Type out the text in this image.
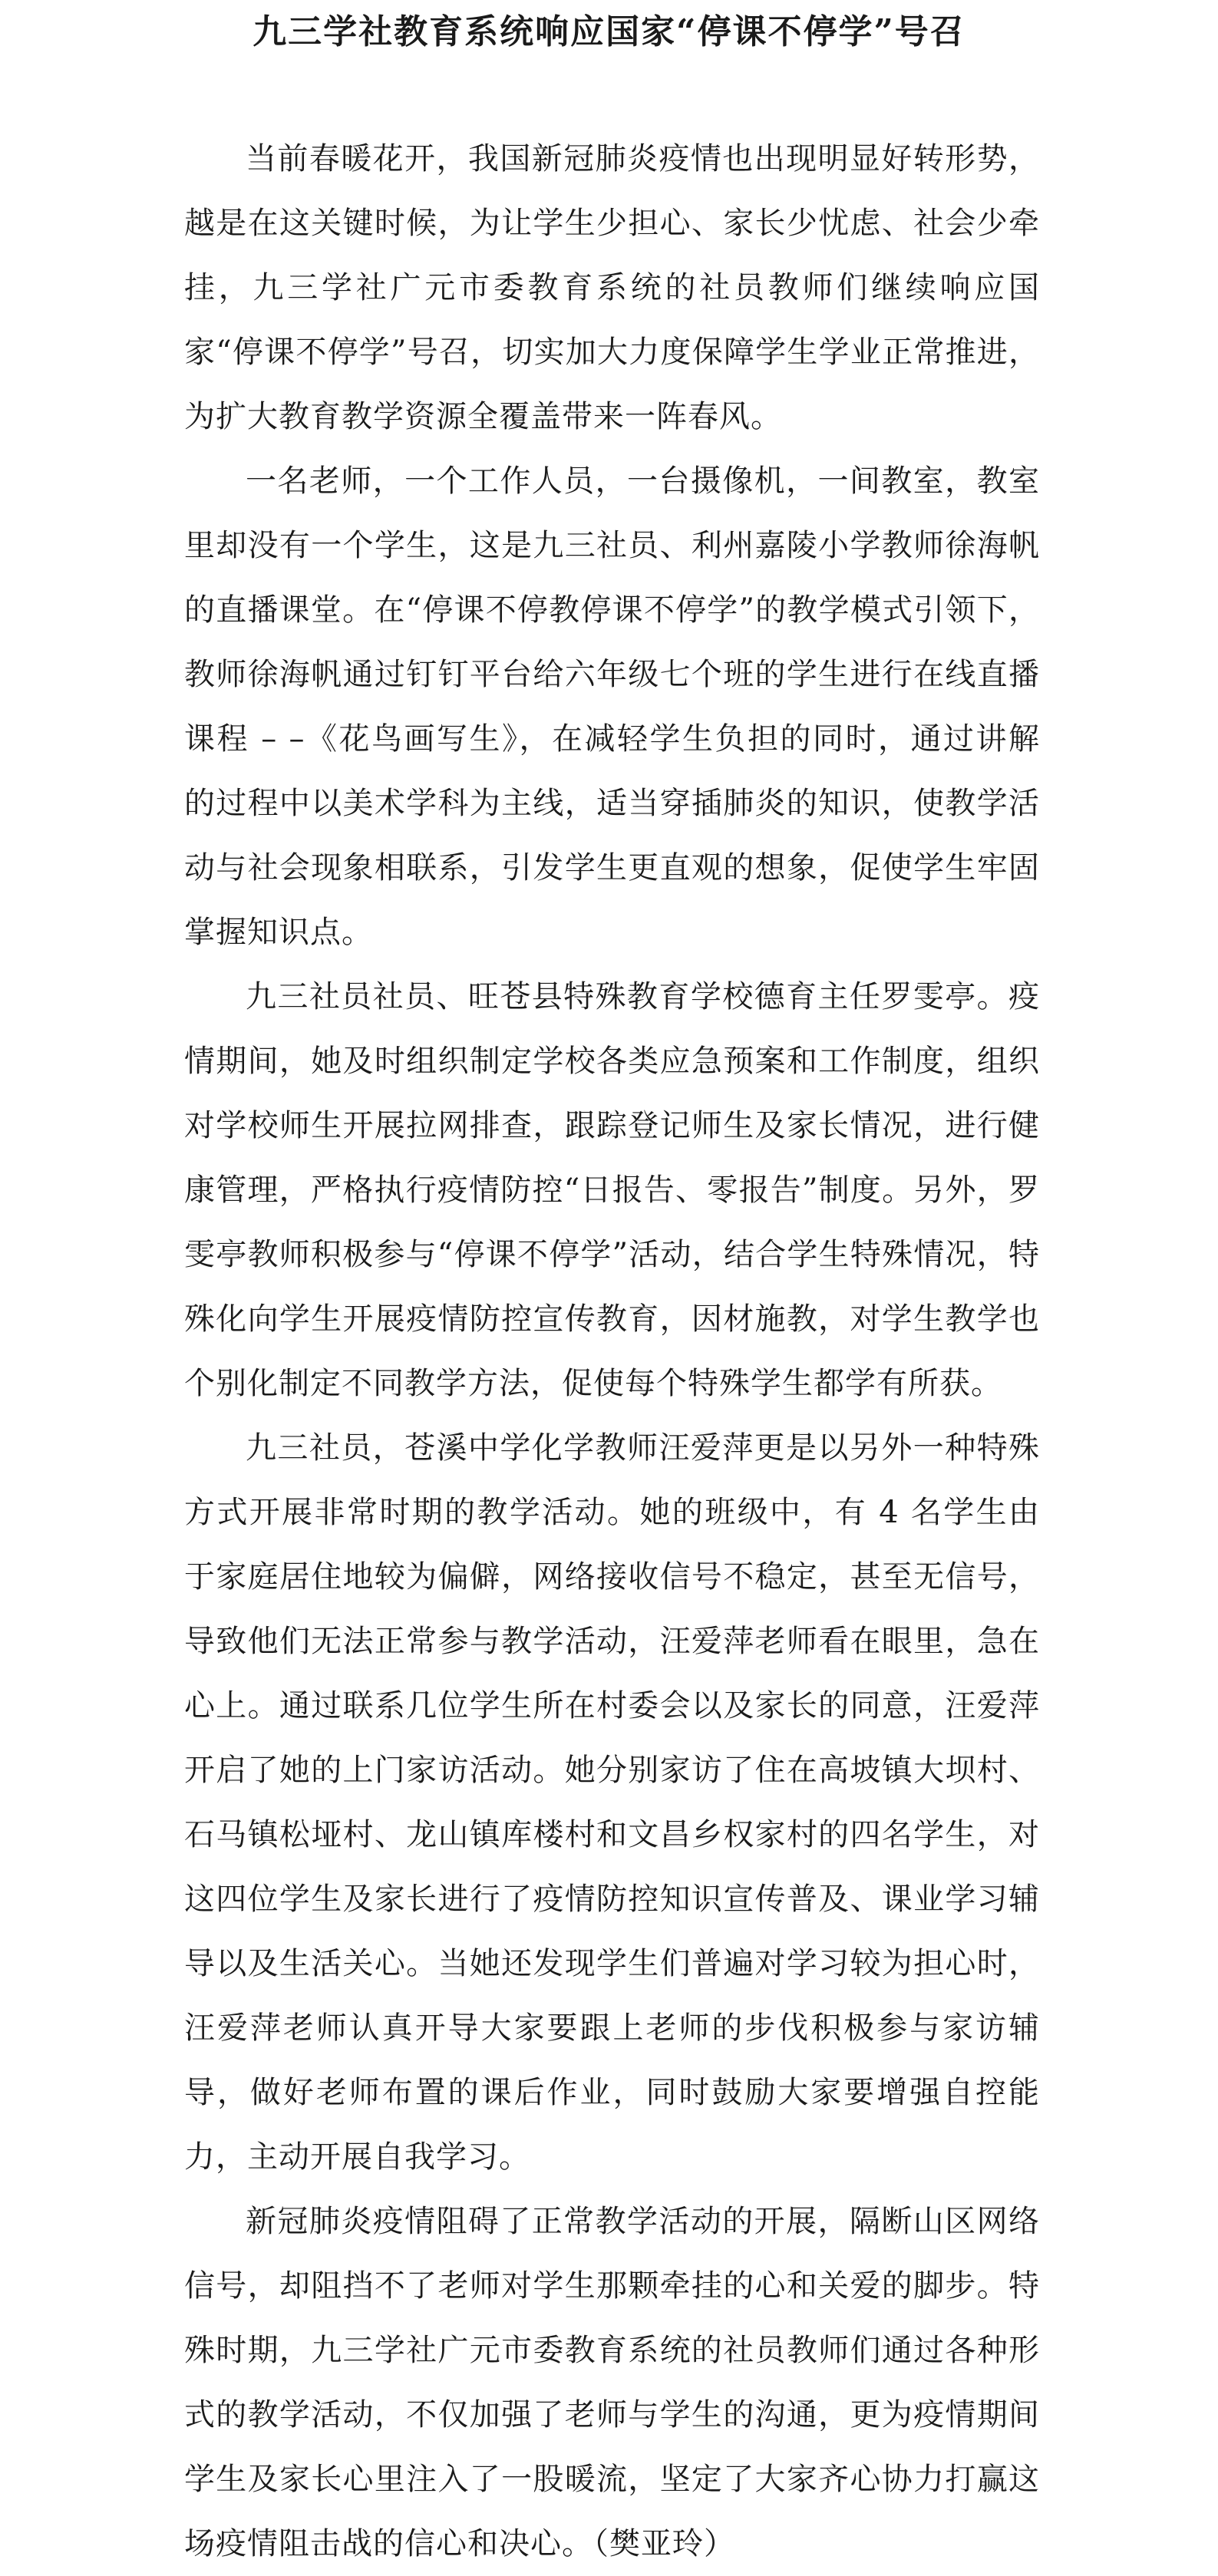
九三学社教育系统响应国家“停课不停学”号召

当前春暖花开，我国新冠肺炎疫情也出现明显好转形势，越是在这关键时候，为让学生少担心、家长少忧虑、社会少牵挂，九三学社广元市委教育系统的社员教师们继续响应国家“停课不停学”号召，切实加大力度保障学生学业正常推进，为扩大教育教学资源全覆盖带来一阵春风。

一名老师，一个工作人员，一台摄像机，一间教室，教室里却没有一个学生，这是九三社员、利州嘉陵小学教师徐海帆的直播课堂。在“停课不停教停课不停学”的教学模式引领下，教师徐海帆通过钉钉平台给六年级七个班的学生进行在线直播课程 – –《花鸟画写生》，在减轻学生负担的同时，通过讲解的过程中以美术学科为主线，适当穿插肺炎的知识，使教学活动与社会现象相联系，引发学生更直观的想象，促使学生牢固掌握知识点。

九三社员社员、旺苍县特殊教育学校德育主任罗雯亭。疫情期间，她及时组织制定学校各类应急预案和工作制度，组织对学校师生开展拉网排查，跟踪登记师生及家长情况，进行健康管理，严格执行疫情防控“日报告、零报告”制度。另外，罗雯亭教师积极参与“停课不停学”活动，结合学生特殊情况，特殊化向学生开展疫情防控宣传教育，因材施教，对学生教学也个别化制定不同教学方法，促使每个特殊学生都学有所获。

九三社员，苍溪中学化学教师汪爱萍更是以另外一种特殊方式开展非常时期的教学活动。她的班级中，有 4 名学生由于家庭居住地较为偏僻，网络接收信号不稳定，甚至无信号，导致他们无法正常参与教学活动，汪爱萍老师看在眼里，急在心上。通过联系几位学生所在村委会以及家长的同意，汪爱萍开启了她的上门家访活动。她分别家访了住在高坡镇大坝村、石马镇松垭村、龙山镇库楼村和文昌乡权家村的四名学生，对这四位学生及家长进行了疫情防控知识宣传普及、课业学习辅导以及生活关心。当她还发现学生们普遍对学习较为担心时，汪爱萍老师认真开导大家要跟上老师的步伐积极参与家访辅导，做好老师布置的课后作业，同时鼓励大家要增强自控能力，主动开展自我学习。

新冠肺炎疫情阻碍了正常教学活动的开展，隔断山区网络信号，却阻挡不了老师对学生那颗牵挂的心和关爱的脚步。特殊时期，九三学社广元市委教育系统的社员教师们通过各种形式的教学活动，不仅加强了老师与学生的沟通，更为疫情期间学生及家长心里注入了一股暖流，坚定了大家齐心协力打赢这场疫情阻击战的信心和决心。（樊亚玲）
